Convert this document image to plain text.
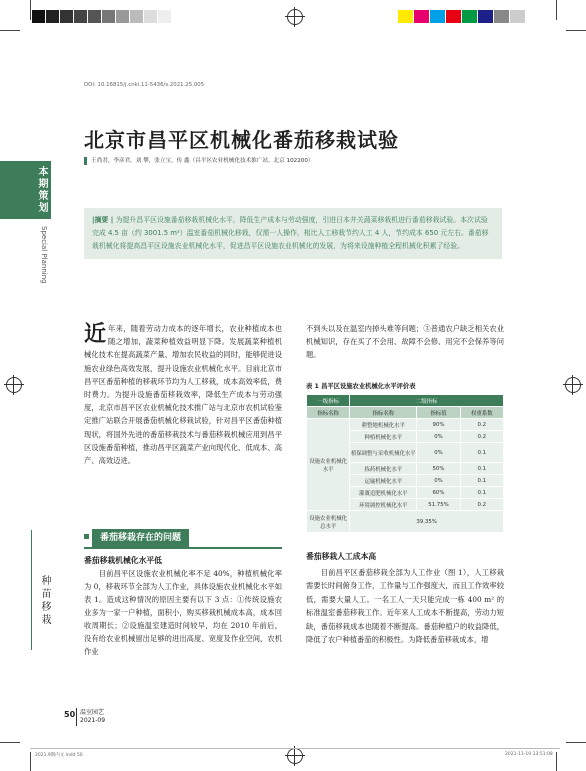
DOI: 10.16815/j.cnki.11-5436/s.2021.25.005
北京市昌平区机械化番茄移栽试验
王尚君，李彦君，刘 攀，张立宝，传 鑫（昌平区农业机械化技术推广站，北京 102200）
本期策划
Special Planning
种苗移栽
|摘要 | 为提升昌平区设施番茄移栽机械化水平，降低生产成本与劳动强度，引进日本井关蔬菜移栽机进行番茄移栽试验。本次试验完成 4.5 亩（约 3001.5 m²）温室番茄机械化移栽，仅需一人操作，相比人工移栽节约人工 4 人，节约成本 650 元左右。番茄移栽机械化将提高昌平区设施农业机械化水平，促进昌平区设施农业机械化的发展，为将来设施种植全程机械化积累了经验。

近年来，随着劳动力成本的逐年增长，农业种植成本也随之增加，蔬菜种植效益明显下降。发展蔬菜种植机械化技术在提高蔬菜产量、增加农民收益的同时，能够促进设施农业绿色高效发展，提升设施农业机械化水平。目前北京市昌平区番茄种植的移栽环节均为人工移栽，成本高效率低，费时费力。为提升设施番茄移栽效率，降低生产成本与劳动强度，北京市昌平区农业机械化技术推广站与北京市农机试验鉴定推广站联合开展番茄机械化移栽试验，针对昌平区番茄种植现状，将国外先进的番茄移栽技术与番茄移栽机械应用到昌平区设施番茄种植，推动昌平区蔬菜产业向现代化、低成本、高产、高效迈进。

番茄移栽存在的问题
番茄移栽机械化水平低

目前昌平区设施农业机械化率不足 40%，种植机械化率为 0，移栽环节全部为人工作业，具体设施农业机械化水平如表 1。造成这种情况的原因主要有以下 3 点：①传统设施农业多为一家一户种植，面积小，购买移栽机械成本高，成本回收周期长；②设施温室建造时间较早，均在 2010 年前后，没有给农业机械留出足够的进出高度、宽度及作业空间，农机作业

不到头以及在温室内掉头难等问题；③普通农户缺乏相关农业机械知识，存在买了不会用、故障不会修、用完不会保养等问题。

表 1 昌平区设施农业机械化水平评价表
一级指标	二级指标		
指标名称	指标名称	指标值	权重系数
设施农业机械化水平	耕整地机械化水平	90%	0.2
	种植机械化水平	0%	0.2
	植保调整与采收机械化水平	0%	0.1
	拣药机械化水平	50%	0.1
	运输机械化水平	0%	0.1
	灌溉追肥机械化水平	60%	0.1
	环境调控机械化水平	51.75%	0.2
设施农业机械化总水平	39.35%		
番茄移栽人工成本高

目前昌平区番茄移栽全部为人工作业（图 1），人工移栽需要长时间俯身工作，工作量与工作强度大，而且工作效率较低，需要大量人工。一名工人一天只能完成一栋 400 m² 的标准温室番茄移栽工作。近年来人工成本不断提高，劳动力短缺，番茄移栽成本也随着不断提高。番茄种植户的收益降低，降低了农户种植番茄的积极性。为降低番茄移栽成本，增

50 温室园艺
2021-09
2021.9期内文.indd 50	2021-11-19 13:51:08
